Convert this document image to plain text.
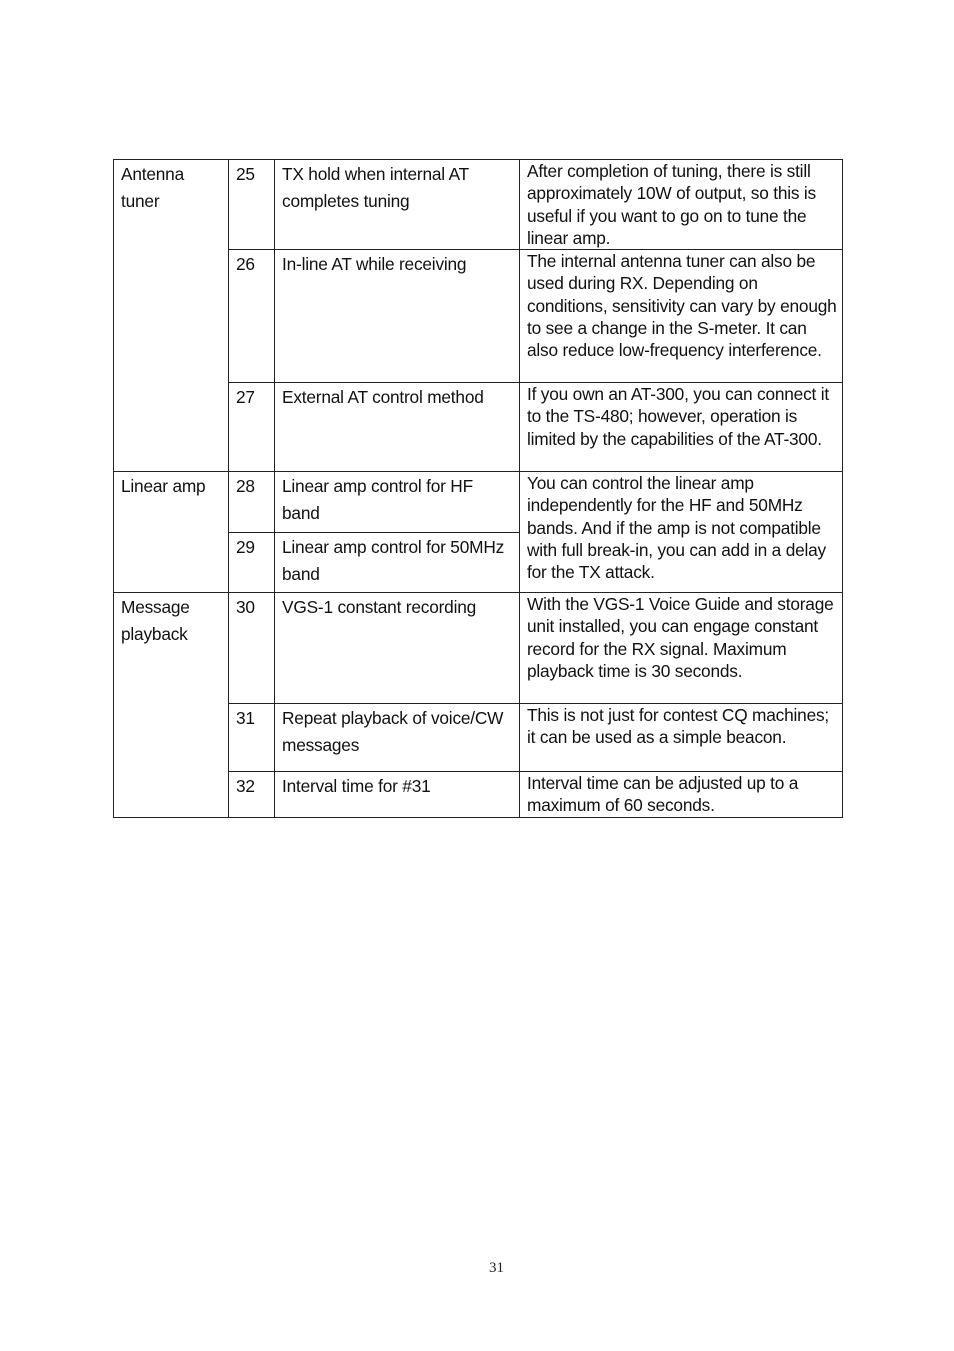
Antenna
tuner	25	TX hold when internal AT completes tuning	After completion of tuning, there is still approximately 10W of output, so this is useful if you want to go on to tune the linear amp.
	26	In-line AT while receiving	The internal antenna tuner can also be used during RX. Depending on conditions, sensitivity can vary by enough to see a change in the S-meter. It can also reduce low-frequency interference.
	27	External AT control method	If you own an AT-300, you can connect it to the TS-480; however, operation is limited by the capabilities of the AT-300.
Linear amp	28	Linear amp control for HF band	You can control the linear amp independently for the HF and 50MHz bands. And if the amp is not compatible with full break-in, you can add in a delay for the TX attack.
	29	Linear amp control for 50MHz band	
Message
playback	30	VGS-1 constant recording	With the VGS-1 Voice Guide and storage unit installed, you can engage constant record for the RX signal. Maximum playback time is 30 seconds.
	31	Repeat playback of voice/CW messages	This is not just for contest CQ machines; it can be used as a simple beacon.
	32	Interval time for #31	Interval time can be adjusted up to a maximum of 60 seconds.
31
